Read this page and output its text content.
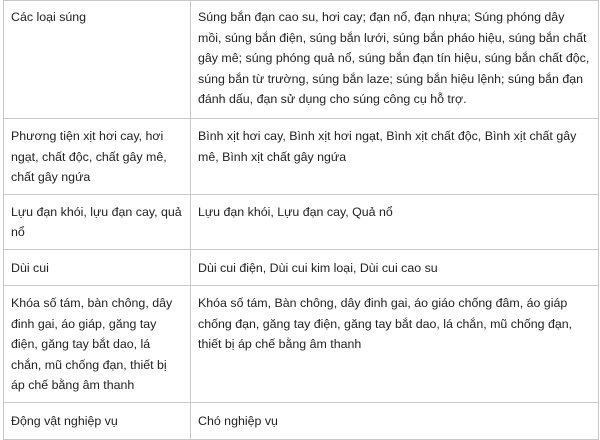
Các loại súng	Súng bắn đạn cao su, hơi cay; đạn nổ, đạn nhựa; Súng phóng dây mồi, súng bắn điện, súng bắn lưới, súng bắn pháo hiệu, súng bắn chất gây mê; súng phóng quả nổ, súng bắn đạn tín hiệu, súng bắn chất độc, súng bắn từ trường, súng bắn laze; súng bắn hiệu lệnh; súng bắn đạn đánh dấu, đạn sử dụng cho súng công cụ hỗ trợ.
Phương tiện xịt hơi cay, hơi ngạt, chất độc, chất gây mê, chất gây ngứa	Bình xịt hơi cay, Bình xịt hơi ngạt, Bình xịt chất độc, Bình xịt chất gây mê, Bình xịt chất gây ngứa
Lựu đạn khói, lựu đạn cay, quả nổ	Lựu đạn khói, Lựu đạn cay, Quả nổ
Dùi cui	Dùi cui điện, Dùi cui kim loại, Dùi cui cao su
Khóa số tám, bàn chông, dây đinh gai, áo giáp, găng tay điện, găng tay bắt dao, lá chắn, mũ chống đạn, thiết bị áp chế bằng âm thanh	Khóa số tám, Bàn chông, dây đinh gai, áo giáo chống đâm, áo giáp chống đạn, găng tay điện, găng tay bắt dao, lá chắn, mũ chống đạn, thiết bị áp chế bằng âm thanh
Động vật nghiệp vụ	Chó nghiệp vụ
